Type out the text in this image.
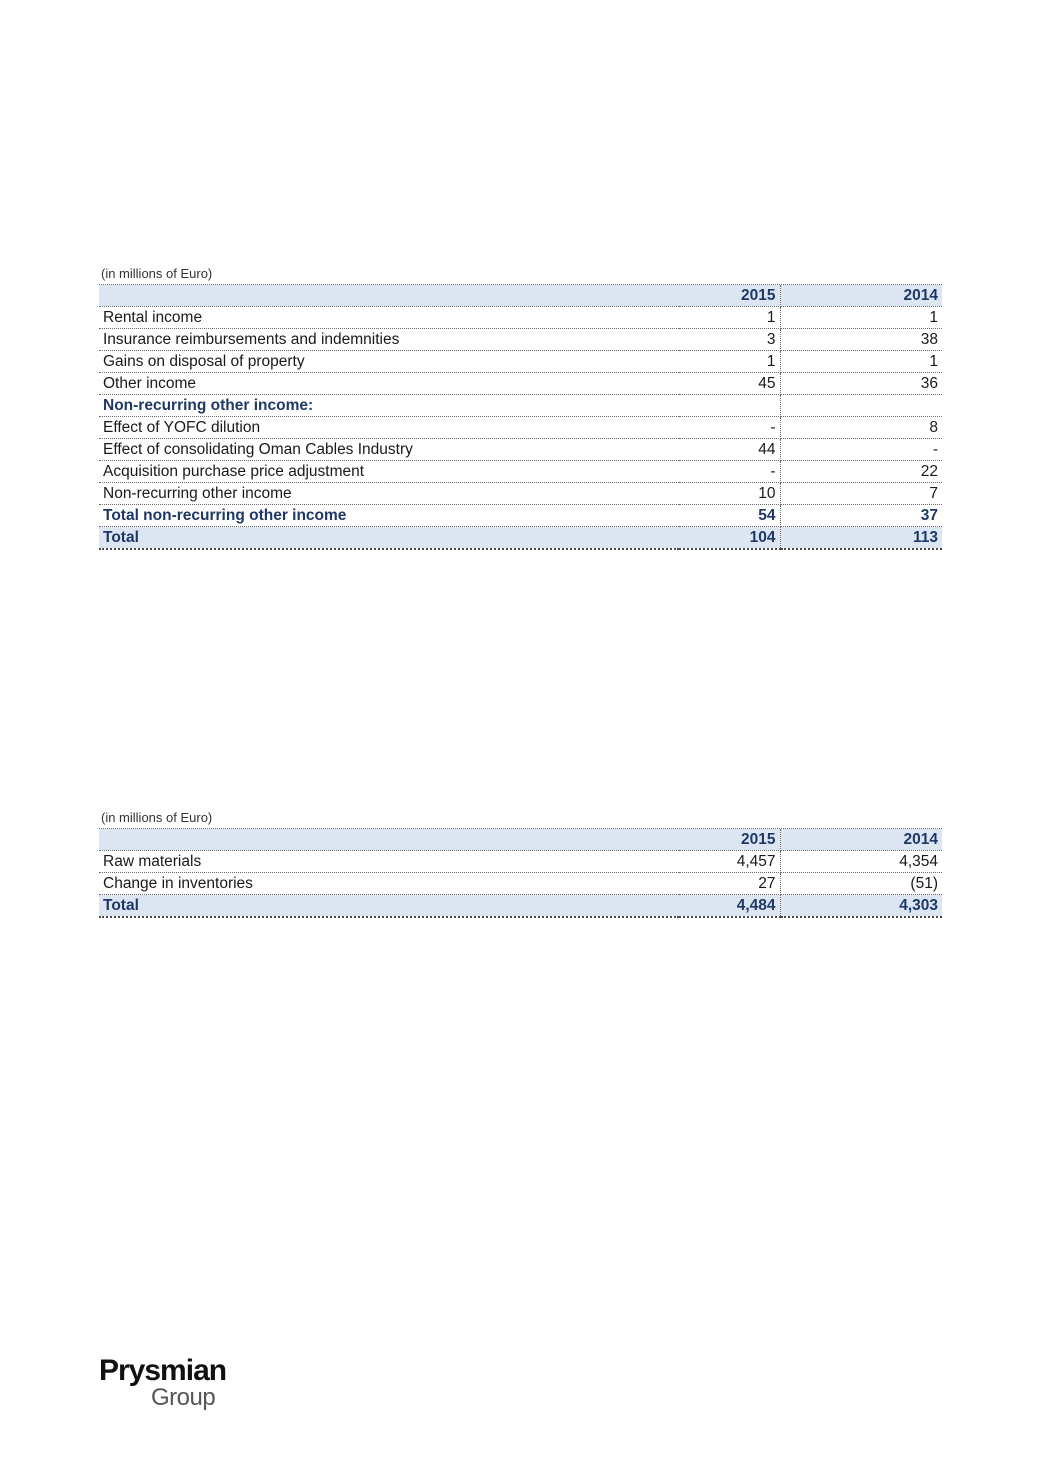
(in millions of Euro)
	2015	2014
Rental income	1	1
Insurance reimbursements and indemnities	3	38
Gains on disposal of property	1	1
Other income	45	36
Non-recurring other income:		
Effect of YOFC dilution	-	8
Effect of consolidating Oman Cables Industry	44	-
Acquisition purchase price adjustment	-	22
Non-recurring other income	10	7
Total non-recurring other income	54	37
Total	104	113
(in millions of Euro)
	2015	2014
Raw materials	4,457	4,354
Change in inventories	27	(51)
Total	4,484	4,303
Prysmian
Group
